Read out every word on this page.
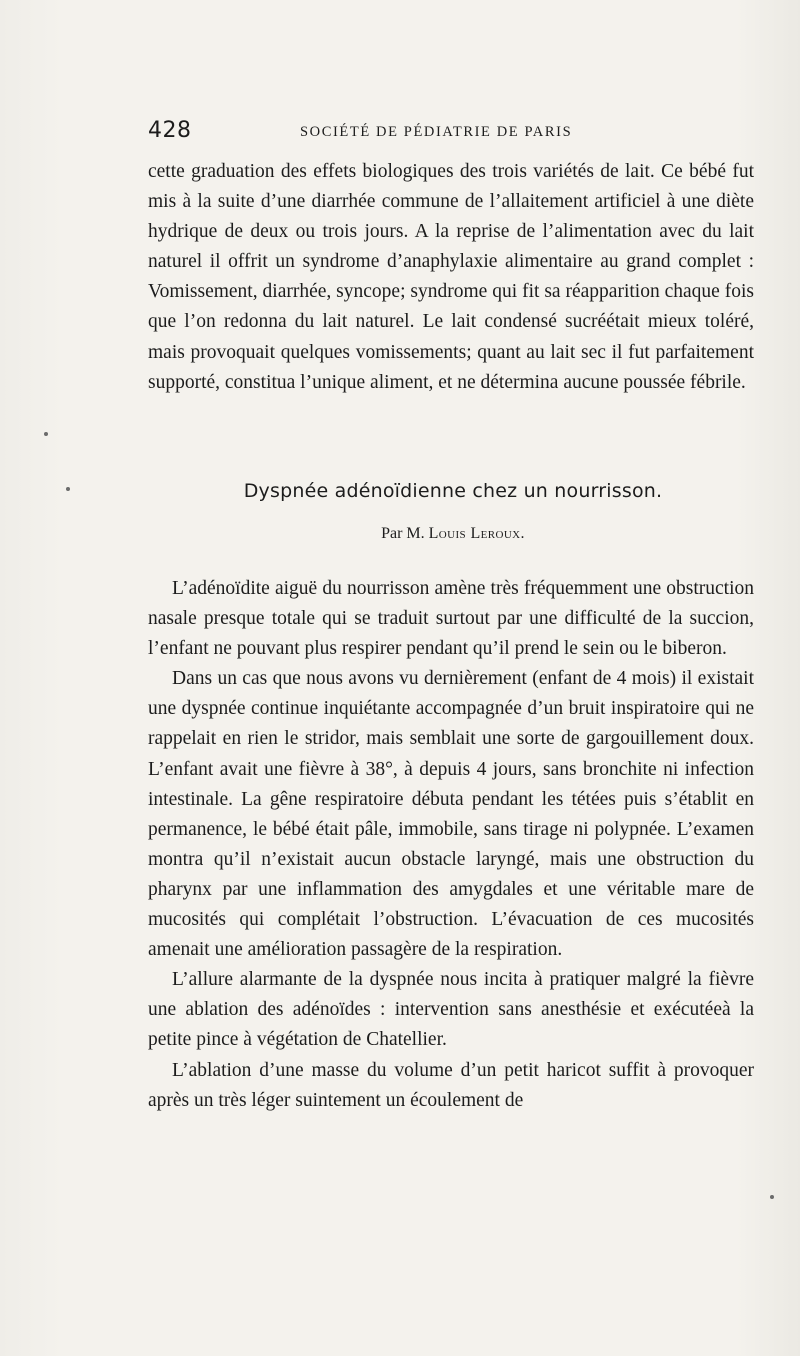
428	SOCIÉTÉ DE PÉDIATRIE DE PARIS

cette graduation des effets biologiques des trois variétés de lait. Ce bébé fut mis à la suite d’une diarrhée commune de l’allaitement artificiel à une diète hydrique de deux ou trois jours. A la reprise de l’alimentation avec du lait naturel il offrit un syndrome d’anaphylaxie alimentaire au grand complet : Vomissement, diarrhée, syncope; syndrome qui fit sa réapparition chaque fois que l’on redonna du lait naturel. Le lait condensé sucréétait mieux toléré, mais provoquait quelques vomissements; quant au lait sec il fut parfaitement supporté, constitua l’unique aliment, et ne détermina aucune poussée fébrile.

Dyspnée adénoïdienne chez un nourrisson.
Par M. Louis Leroux.

L’adénoïdite aiguë du nourrisson amène très fréquemment une obstruction nasale presque totale qui se traduit surtout par une difficulté de la succion, l’enfant ne pouvant plus respirer pendant qu’il prend le sein ou le biberon.

Dans un cas que nous avons vu dernièrement (enfant de 4 mois) il existait une dyspnée continue inquiétante accompagnée d’un bruit inspiratoire qui ne rappelait en rien le stridor, mais semblait une sorte de gargouillement doux. L’enfant avait une fièvre à 38°, à depuis 4 jours, sans bronchite ni infection intestinale. La gêne respiratoire débuta pendant les tétées puis s’établit en permanence, le bébé était pâle, immobile, sans tirage ni polypnée. L’examen montra qu’il n’existait aucun obstacle laryngé, mais une obstruction du pharynx par une inflammation des amygdales et une véritable mare de mucosités qui complétait l’obstruction. L’évacuation de ces mucosités amenait une amélioration passagère de la respiration.

L’allure alarmante de la dyspnée nous incita à pratiquer malgré la fièvre une ablation des adénoïdes : intervention sans anesthésie et exécutéeà la petite pince à végétation de Chatellier.

L’ablation d’une masse du volume d’un petit haricot suffit à provoquer après un très léger suintement un écoulement de
